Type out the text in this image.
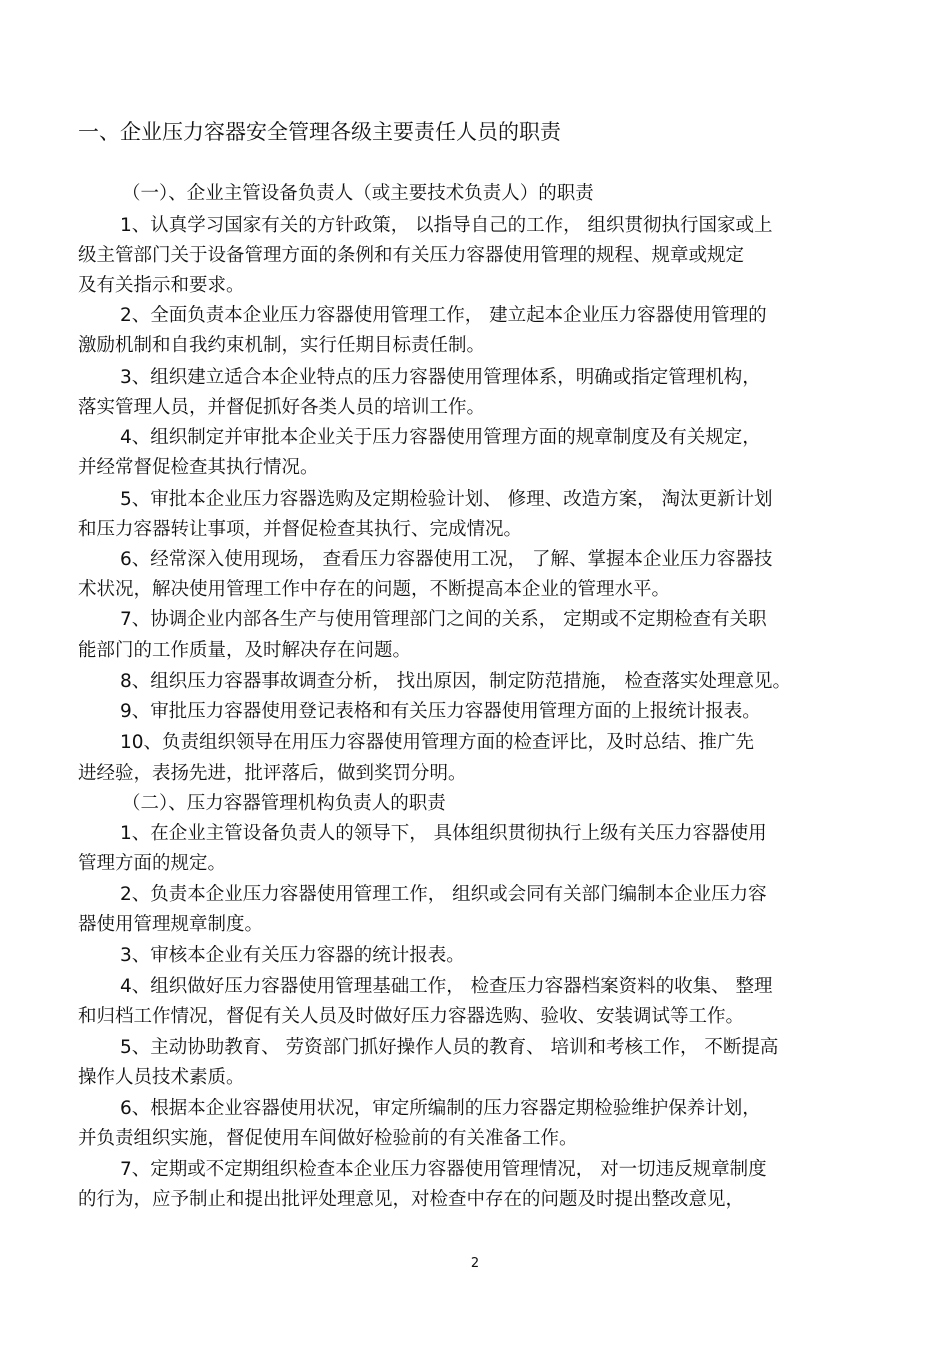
一、企业压力容器安全管理各级主要责任人员的职责
（一）、企业主管设备负责人（或主要技术负责人）的职责
1、认真学习国家有关的方针政策， 以指导自己的工作， 组织贯彻执行国家或上
级主管部门关于设备管理方面的条例和有关压力容器使用管理的规程、规章或规定
及有关指示和要求。
2、全面负责本企业压力容器使用管理工作， 建立起本企业压力容器使用管理的
激励机制和自我约束机制，实行任期目标责任制。
3、组织建立适合本企业特点的压力容器使用管理体系，明确或指定管理机构，
落实管理人员，并督促抓好各类人员的培训工作。
4、组织制定并审批本企业关于压力容器使用管理方面的规章制度及有关规定，
并经常督促检查其执行情况。
5、审批本企业压力容器选购及定期检验计划、 修理、改造方案， 淘汰更新计划
和压力容器转让事项，并督促检查其执行、完成情况。
6、经常深入使用现场， 查看压力容器使用工况， 了解、掌握本企业压力容器技
术状况，解决使用管理工作中存在的问题，不断提高本企业的管理水平。
7、协调企业内部各生产与使用管理部门之间的关系， 定期或不定期检查有关职
能部门的工作质量，及时解决存在问题。
8、组织压力容器事故调查分析， 找出原因，制定防范措施， 检查落实处理意见。
9、审批压力容器使用登记表格和有关压力容器使用管理方面的上报统计报表。
10、负责组织领导在用压力容器使用管理方面的检查评比，及时总结、推广先
进经验，表扬先进，批评落后，做到奖罚分明。
（二）、压力容器管理机构负责人的职责
1、在企业主管设备负责人的领导下， 具体组织贯彻执行上级有关压力容器使用
管理方面的规定。
2、负责本企业压力容器使用管理工作， 组织或会同有关部门编制本企业压力容
器使用管理规章制度。
3、审核本企业有关压力容器的统计报表。
4、组织做好压力容器使用管理基础工作， 检查压力容器档案资料的收集、 整理
和归档工作情况，督促有关人员及时做好压力容器选购、验收、安装调试等工作。
5、主动协助教育、 劳资部门抓好操作人员的教育、 培训和考核工作， 不断提高
操作人员技术素质。
6、根据本企业容器使用状况，审定所编制的压力容器定期检验维护保养计划，
并负责组织实施，督促使用车间做好检验前的有关准备工作。
7、定期或不定期组织检查本企业压力容器使用管理情况， 对一切违反规章制度
的行为，应予制止和提出批评处理意见，对检查中存在的问题及时提出整改意见，
2
